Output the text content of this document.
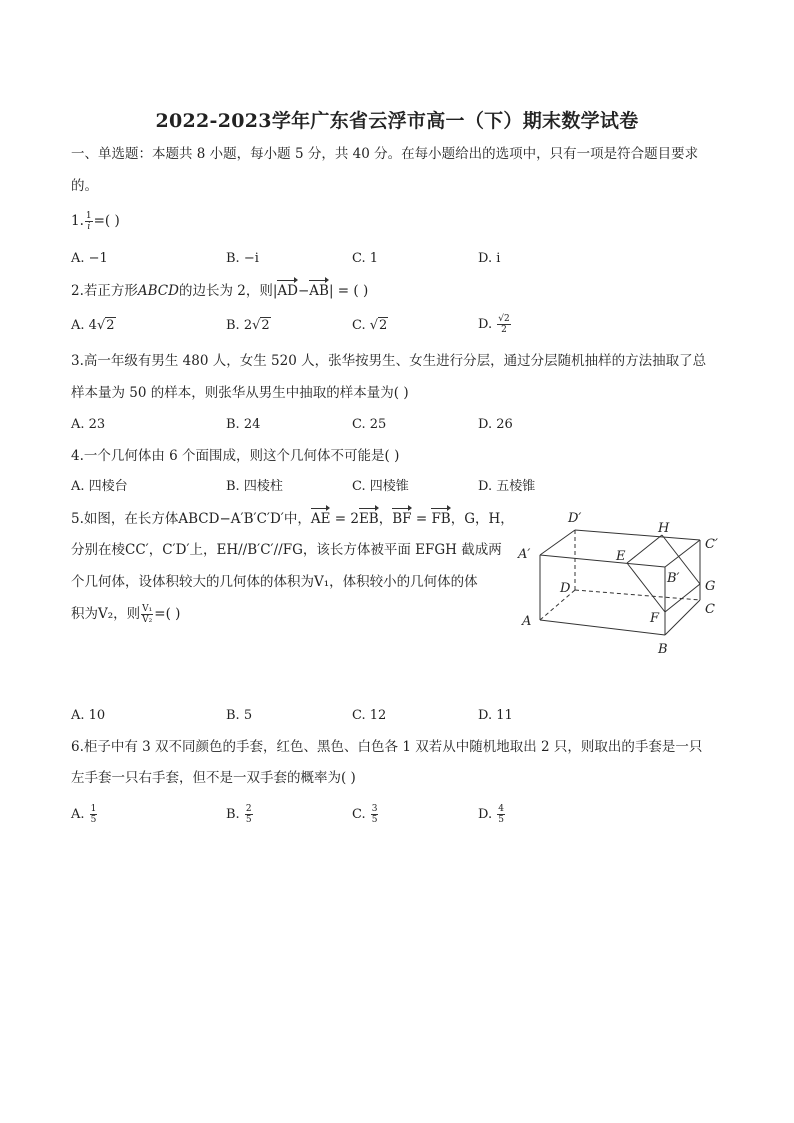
2022-2023学年广东省云浮市高一（下）期末数学试卷
一、单选题：本题共 8 小题，每小题 5 分，共 40 分。在每小题给出的选项中，只有一项是符合题目要求
的。
1. $\frac{1}{i}$ =( )
A. −1	B. −i	C. 1	D. i
2.若正方形ABCD的边长为 2，则|AD−AB| = ( )
A. 4√2	B. 2√2	C. √2	D. $\frac{√2}{2}$
3.高一年级有男生 480 人，女生 520 人，张华按男生、女生进行分层，通过分层随机抽样的方法抽取了总
样本量为 50 的样本，则张华从男生中抽取的样本量为( )
A. 23	B. 24	C. 25	D. 26
4.一个几何体由 6 个面围成，则这个几何体不可能是( )
A. 四棱台	B. 四棱柱	C. 四棱锥	D. 五棱锥
5.如图，在长方体ABCD−A′B′C′D′中，AE = 2EB，BF = FB，G，H，
分别在棱CC′，C′D′上，EH//B′C′//FG，该长方体被平面 EFGH 截成两
个几何体，设体积较大的几何体的体积为V₁，体积较小的几何体的体
积为V₂，则 $\frac{\text{V₁}}{\text{V₂}}$ =( )
D′
H
C′
A′	E
B′
G
D
C
F
A
B
A. 10	B. 5	C. 12	D. 11
6.柜子中有 3 双不同颜色的手套，红色、黑色、白色各 1 双若从中随机地取出 2 只，则取出的手套是一只
左手套一只右手套，但不是一双手套的概率为( )
A. $\frac{1}{5}$	B. $\frac{2}{5}$	C. $\frac{3}{5}$	D. $\frac{4}{5}$
